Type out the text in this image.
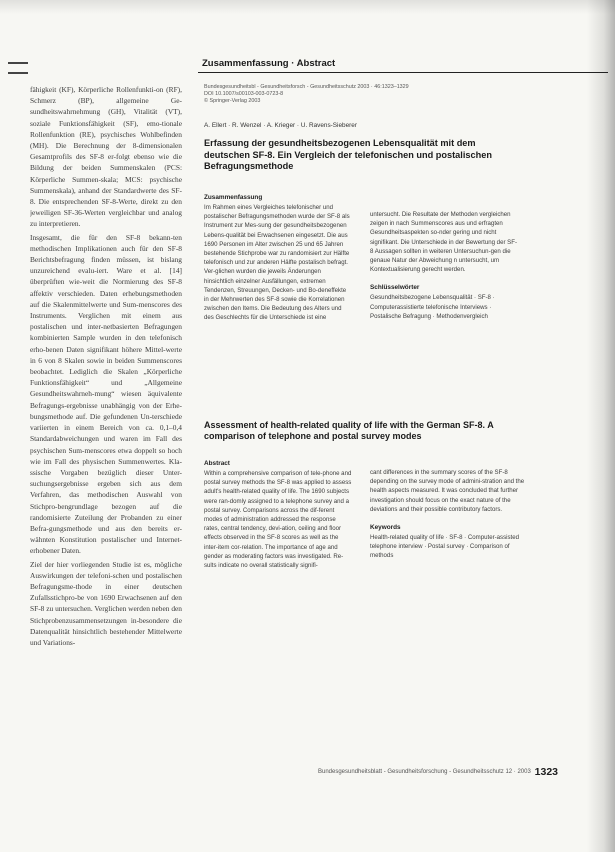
fähigkeit (KF), Körperliche Rollenfunkti-on (RF), Schmerz (BP), allgemeine Ge-sundheitswahrnehmung (GH), Vitalität (VT), soziale Funktionsfähigkeit (SF), emo-tionale Rollenfunktion (RE), psychisches Wohlbefinden (MH). Die Berechnung der 8-dimensionalen Gesamtprofils des SF-8 er-folgt ebenso wie die Bildung der beiden Summenskalen (PCS: Körperliche Summen-skala; MCS: psychische Summenskala), anhand der Standardwerte des SF-8. Die entsprechenden SF-8-Werte, direkt zu den jeweiligen SF-36-Werten vergleichbar und analog zu interpretieren.

Insgesamt, die für den SF-8 bekann-ten methodischen Implikationen auch für den SF-8 Berichtsbefragung finden müssen, ist bislang unzureichend evalu-iert. Ware et al. [14] überprüften wie-weit die Normierung des SF-8 affektiv verschieden. Daten erhebungsmethoden auf die Skalenmittelwerte und Sum-menscores des Instruments. Verglichen mit einem aus postalischen und inter-netbasierten Befragungen kombinierten Sample wurden in den telefonisch erho-benen Daten signifikant höhere Mittel-werte in 6 von 8 Skalen sowie in beiden Summenscores beobachtet. Lediglich die Skalen „Körperliche Funktionsfähigkeit“ und „Allgemeine Gesundheitswahrneh-mung“ wiesen äquivalente Befragungs-ergebnisse unabhängig von der Erhe-bungsmethode auf. Die gefundenen Un-terschiede variierten in einem Bereich von ca. 0,1–0,4 Standardabweichungen und waren im Fall des psychischen Sum-menscores etwa doppelt so hoch wie im Fall des physischen Summenwertes. Kla-ssische Vorgaben bezüglich dieser Unter-suchungsergebnisse ergeben sich aus dem Verfahren, das methodischen Auswahl von Stichpro-bengrundlage bezogen auf die randomisierte Zuteilung der Probanden zu einer Befra-gungsmethode und aus den bereits er-wähnten Konstitution postalischer und Internet-erhobener Daten.

Ziel der hier vorliegenden Studie ist es, mögliche Auswirkungen der telefoni-schen und postalischen Befragungsme-thode in einer deutschen Zufallsstichpro-be von 1690 Erwachsenen auf den SF-8 zu untersuchen. Verglichen werden neben den Stichprobenzusammensetzungen in-besondere die Datenqualität hinsichtlich bestehender Mittelwerte und Variations-

Zusammenfassung · Abstract
Bundesgesundheitsbl - Gesundheitsforsch - Gesundheitsschutz 2003 · 46:1323–1329
DOI 10.1007/s00103-003-0723-8
© Springer-Verlag 2003
A. Ellert · R. Wenzel · A. Krieger · U. Ravens-Sieberer
Erfassung der gesundheitsbezogenen Lebensqualität mit dem deutschen SF-8. Ein Vergleich der telefonischen und postalischen Befragungsmethode
Zusammenfassung
Im Rahmen eines Vergleiches telefonischer und postalischer Befragungsmethoden wurde der SF-8 als Instrument zur Mes-sung der gesundheitsbezogenen Lebens-qualität bei Erwachsenen eingesetzt. Die aus 1690 Personen im Alter zwischen 25 und 65 Jahren bestehende Stichprobe war zu randomisiert zur Hälfte telefonisch und zur anderen Hälfte postalisch befragt. Ver-glichen wurden die jeweils Änderungen hinsichtlich einzelner Ausfällungen, extremen Tendenzen, Streuungen, Decken- und Bo-deneffekte in der Mehrwerten des SF-8 sowie die Korrelationen zwischen den Items. Die Bedeutung des Alters und des Geschlechts für die Unterschiede ist eine
untersucht. Die Resultate der Methoden vergleichen zeigen in nach Summenscores aus und erfragten Gesundheitsaspekten so-nder gering und nicht signifikant. Die Unterschiede in der Bewertung der SF-8 Aussagen sollten in weiteren Untersuchun-gen die genaue Natur der Abweichung n untersucht, um Kontextualisierung gerecht werden.
Schlüsselwörter
Gesundheitsbezogene Lebensqualität · SF-8 · Computerassistierte telefonische Interviews · Postalische Befragung · Methodenvergleich
Assessment of health-related quality of life with the German SF-8. A comparison of telephone and postal survey modes
Abstract
Within a comprehensive comparison of tele-phone and postal survey methods the SF-8 was applied to assess adult's health-related quality of life. The 1690 subjects were ran-domly assigned to a telephone survey and a postal survey. Comparisons across the dif-ferent modes of administration addressed the response rates, central tendency, devi-ation, ceiling and floor effects observed in the SF-8 scores as well as the inter-item cor-relation. The importance of age and gender as moderating factors was investigated. Re-sults indicate no overall statistically signifi-
cant differences in the summary scores of the SF-8 depending on the survey mode of admini-stration and the health aspects measured. It was concluded that further investigation should focus on the exact nature of the deviations and their possible contributory factors.
Keywords
Health-related quality of life · SF-8 · Computer-assisted telephone interview · Postal survey · Comparison of methods
Bundesgesundheitsblatt - Gesundheitsforschung - Gesundheitsschutz 12 · 2003 1323
